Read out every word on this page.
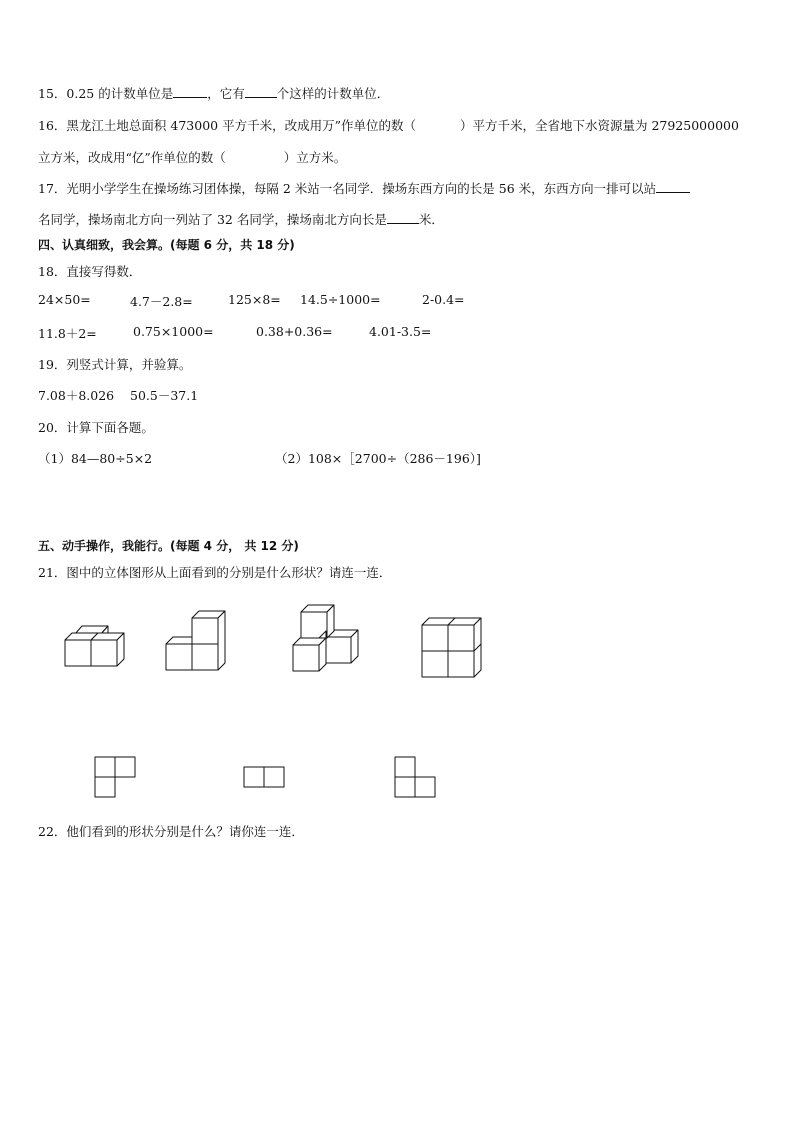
15．0.25 的计数单位是	，它有	个这样的计数单位．
16．黑龙江土地总面积 473000 平方千米，改成用万”作单位的数（	）平方千米，全省地下水资源量为 27925000000
立方米，改成用“亿”作单位的数（	）立方米。
17．光明小学学生在操场练习团体操，每隔 2 米站一名同学．操场东西方向的长是 56 米，东西方向一排可以站
名同学，操场南北方向一列站了 32 名同学，操场南北方向长是	米．
四、认真细致，我会算。(每题 6 分，共 18 分)
18．直接写得数．
24×50=	4.7－2.8=	125×8= 14.5÷1000=	2-0.4=
11.8＋2=	0.75×1000=	0.38+0.36=	4.01-3.5=
19．列竖式计算，并验算。
7.08＋8.026 50.5－37.1
20．计算下面各题。
（1）84—80÷5×2	（2）108×［2700÷（286－196）]
五、动手操作，我能行。(每题 4 分， 共 12 分)
21．图中的立体图形从上面看到的分别是什么形状？请连一连．
22．他们看到的形状分别是什么？请你连一连．
